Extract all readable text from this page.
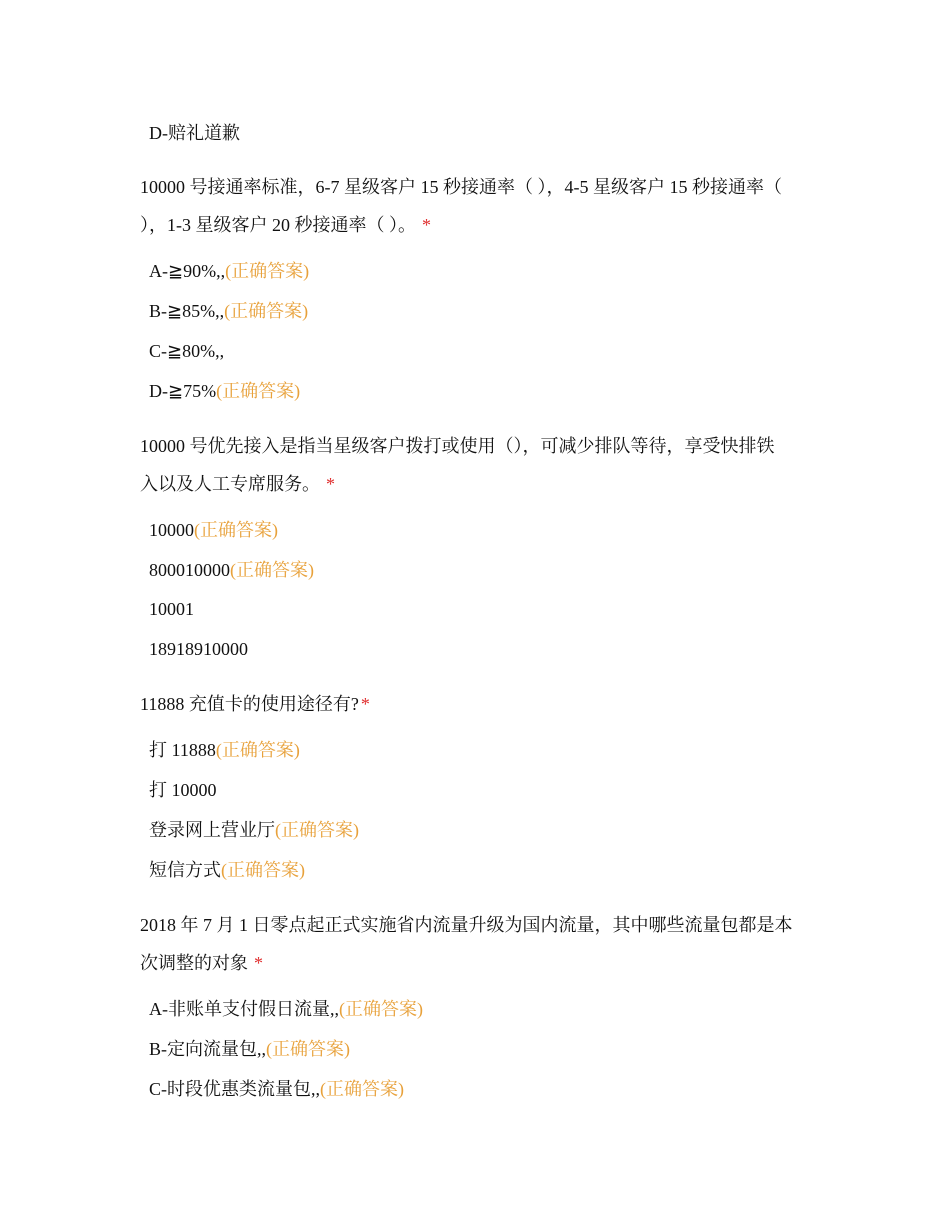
D-赔礼道歉
10000 号接通率标准，6-7 星级客户 15 秒接通率（ ），4-5 星级客户 15 秒接通率（
），1-3 星级客户 20 秒接通率（ ）。 *
A-≧90%,,(正确答案)
B-≧85%,,(正确答案)
C-≧80%,,
D-≧75%(正确答案)
10000 号优先接入是指当星级客户拨打或使用（），可减少排队等待，享受快排铁
入以及人工专席服务。 *
10000(正确答案)
800010000(正确答案)
10001
18918910000
11888 充值卡的使用途径有? *
打 11888(正确答案)
打 10000
登录网上营业厅(正确答案)
短信方式(正确答案)
2018 年 7 月 1 日零点起正式实施省内流量升级为国内流量，其中哪些流量包都是本
次调整的对象 *
A-非账单支付假日流量,,(正确答案)
B-定向流量包,,(正确答案)
C-时段优惠类流量包,,(正确答案)
